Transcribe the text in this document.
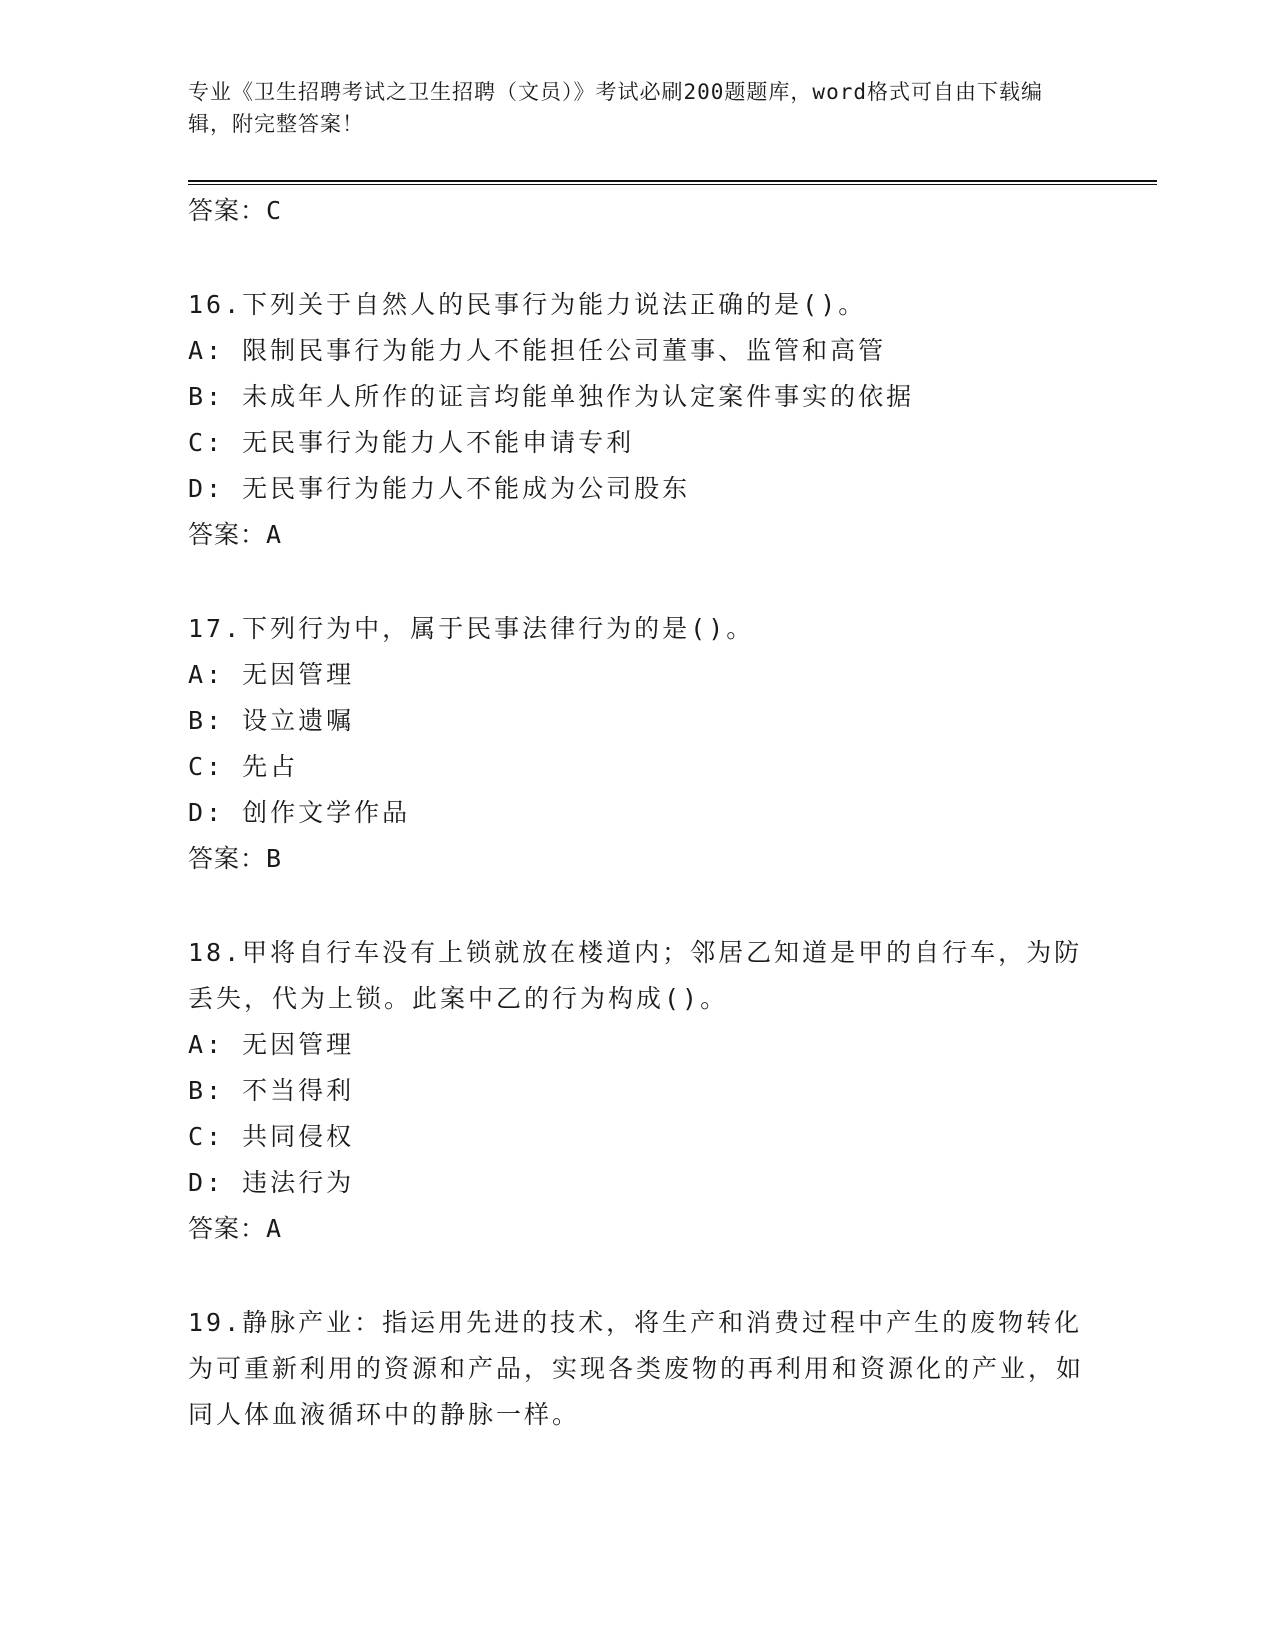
专业《卫生招聘考试之卫生招聘（文员）》考试必刷200题题库，word格式可自由下载编辑，附完整答案！
答案：C
16.下列关于自然人的民事行为能力说法正确的是()。
A: 限制民事行为能力人不能担任公司董事、监管和高管
B: 未成年人所作的证言均能单独作为认定案件事实的依据
C: 无民事行为能力人不能申请专利
D: 无民事行为能力人不能成为公司股东
答案：A
17.下列行为中，属于民事法律行为的是()。
A: 无因管理
B: 设立遗嘱
C: 先占
D: 创作文学作品
答案：B
18.甲将自行车没有上锁就放在楼道内；邻居乙知道是甲的自行车，为防丢失，代为上锁。此案中乙的行为构成()。
A: 无因管理
B: 不当得利
C: 共同侵权
D: 违法行为
答案：A
19.静脉产业：指运用先进的技术，将生产和消费过程中产生的废物转化为可重新利用的资源和产品，实现各类废物的再利用和资源化的产业，如同人体血液循环中的静脉一样。
